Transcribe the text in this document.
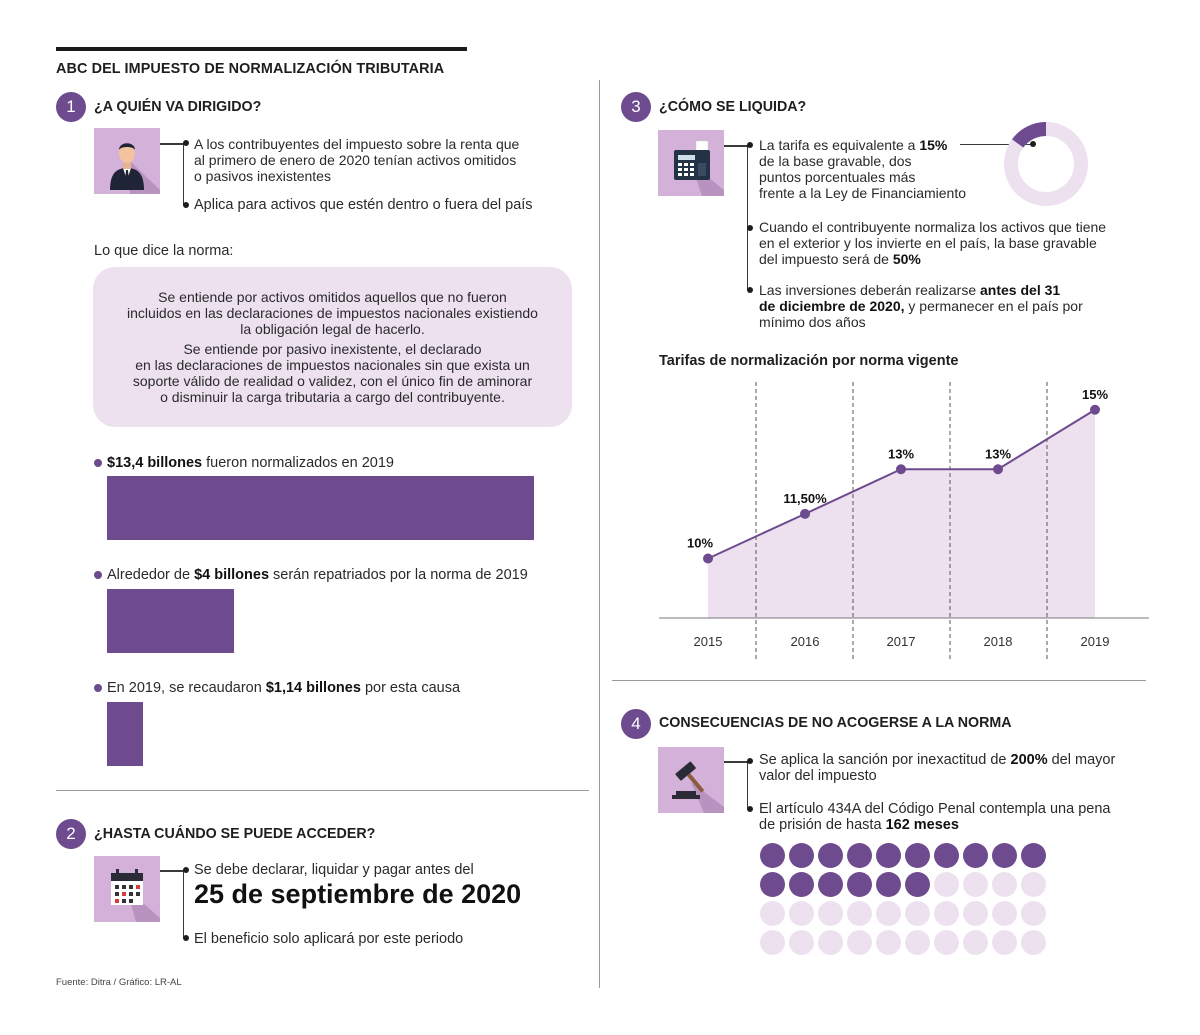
ABC DEL IMPUESTO DE NORMALIZACIÓN TRIBUTARIA
1	¿A QUIÉN VA DIRIGIDO?
A los contribuyentes del impuesto sobre la renta que
al primero de enero de 2020 tenían activos omitidos
o pasivos inexistentes
Aplica para activos que estén dentro o fuera del país
Lo que dice la norma:
Se entiende por activos omitidos aquellos que no fueron
incluidos en las declaraciones de impuestos nacionales existiendo
la obligación legal de hacerlo.
Se entiende por pasivo inexistente, el declarado
en las declaraciones de impuestos nacionales sin que exista un
soporte válido de realidad o validez, con el único fin de aminorar
o disminuir la carga tributaria a cargo del contribuyente.
$13,4 billones fueron normalizados en 2019
Alrededor de $4 billones serán repatriados por la norma de 2019
En 2019, se recaudaron $1,14 billones por esta causa
2	¿HASTA CUÁNDO SE PUEDE ACCEDER?
Se debe declarar, liquidar y pagar antes del
25 de septiembre de 2020
El beneficio solo aplicará por este periodo
Fuente: Ditra / Gráfico: LR-AL
3	¿CÓMO SE LIQUIDA?
La tarifa es equivalente a 15%
de la base gravable, dos
puntos porcentuales más
frente a la Ley de Financiamiento
Cuando el contribuyente normaliza los activos que tiene
en el exterior y los invierte en el país, la base gravable
del impuesto será de 50%
Las inversiones deberán realizarse antes del 31
de diciembre de 2020, y permanecer en el país por
mínimo dos años
Tarifas de normalización por norma vigente
10%
2015
11,50%
2016
13%
2017
13%
2018
15%
2019
4	CONSECUENCIAS DE NO ACOGERSE A LA NORMA
Se aplica la sanción por inexactitud de 200% del mayor
valor del impuesto
El artículo 434A del Código Penal contempla una pena
de prisión de hasta 162 meses
